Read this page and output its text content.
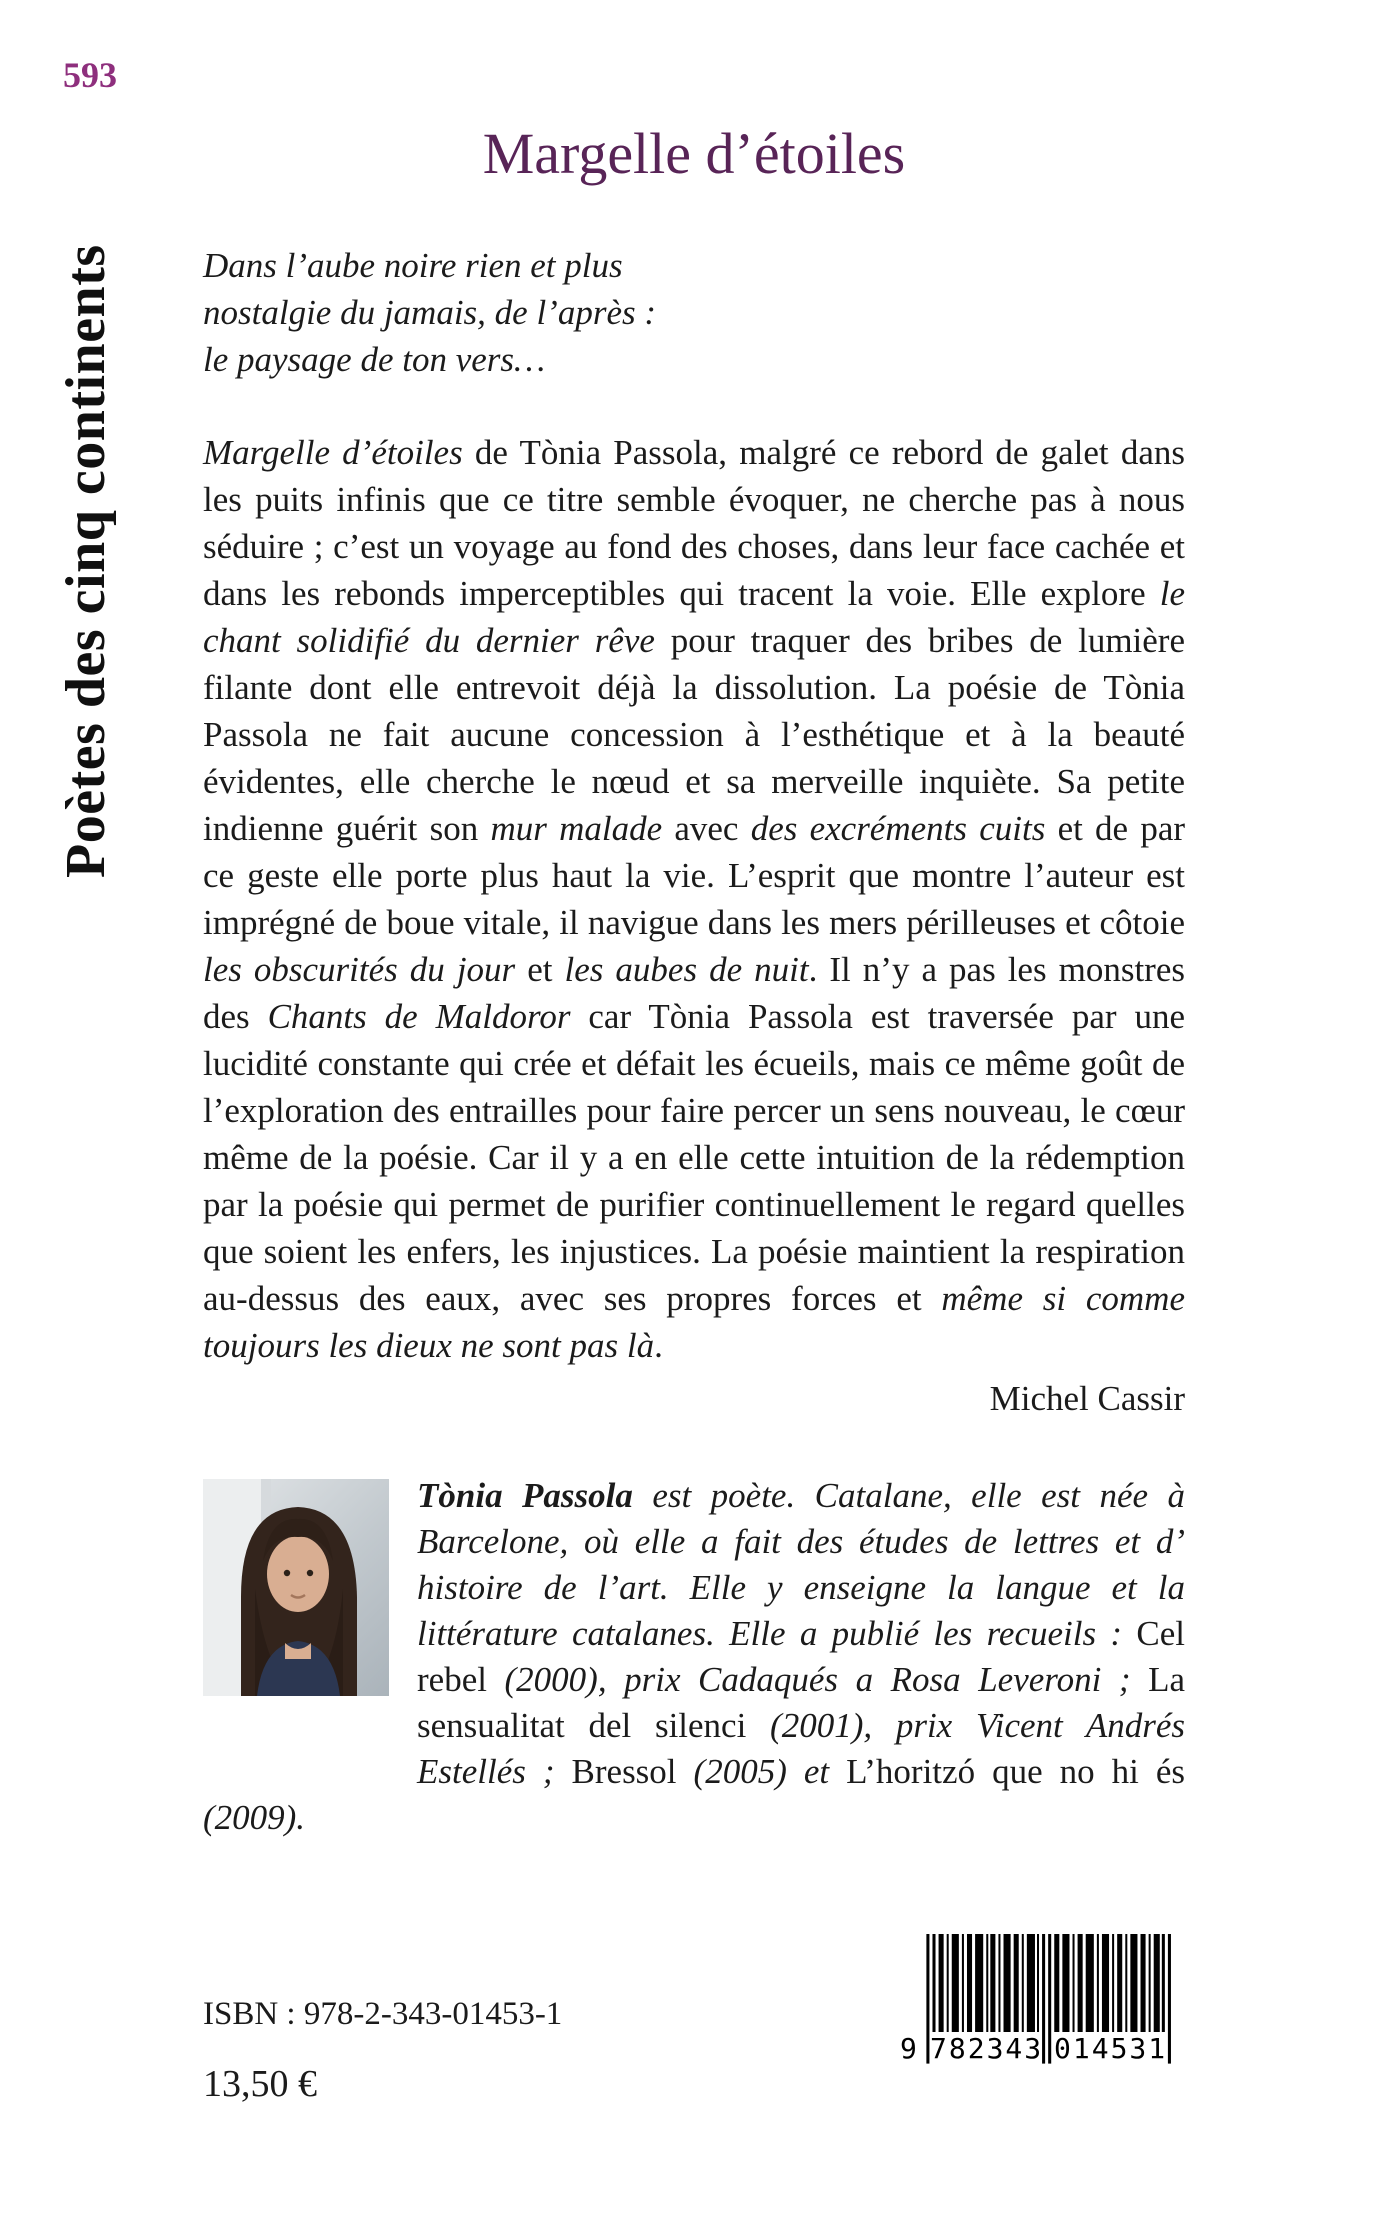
593
Poètes des cinq continents
Margelle d’étoiles
Dans l’aube noire rien et plus
nostalgie du jamais, de l’après :
le paysage de ton vers…

Margelle d’étoiles de Tònia Passola, malgré ce rebord de galet dans les puits infinis que ce titre semble évoquer, ne cherche pas à nous séduire ; c’est un voyage au fond des choses, dans leur face cachée et dans les rebonds imperceptibles qui tracent la voie. Elle explore le chant solidifié du dernier rêve pour traquer des bribes de lumière filante dont elle entrevoit déjà la dissolution. La poésie de Tònia Passola ne fait aucune concession à l’esthétique et à la beauté évidentes, elle cherche le nœud et sa merveille inquiète. Sa petite indienne guérit son mur malade avec des excréments cuits et de par ce geste elle porte plus haut la vie. L’esprit que montre l’auteur est imprégné de boue vitale, il navigue dans les mers périlleuses et côtoie les obscurités du jour et les aubes de nuit. Il n’y a pas les monstres des Chants de Maldoror car Tònia Passola est traversée par une lucidité constante qui crée et défait les écueils, mais ce même goût de l’exploration des entrailles pour faire percer un sens nouveau, le cœur même de la poésie. Car il y a en elle cette intuition de la rédemption par la poésie qui permet de purifier continuellement le regard quelles que soient les enfers, les injustices. La poésie maintient la respiration au-dessus des eaux, avec ses propres forces et même si comme toujours les dieux ne sont pas là.

Michel Cassir
Tònia Passola est poète. Catalane, elle est née à Barcelone, où elle a fait des études de lettres et d’ histoire de l’art. Elle y enseigne la langue et la littérature catalanes. Elle a publié les recueils : Cel rebel (2000), prix Cadaqués a Rosa Leveroni ; La sensualitat del silenci (2001), prix Vicent Andrés Estellés ; Bressol (2005) et L’horitzó que no hi és (2009).
ISBN : 978-2-343-01453-1
13,50 €
9 782343 014531
